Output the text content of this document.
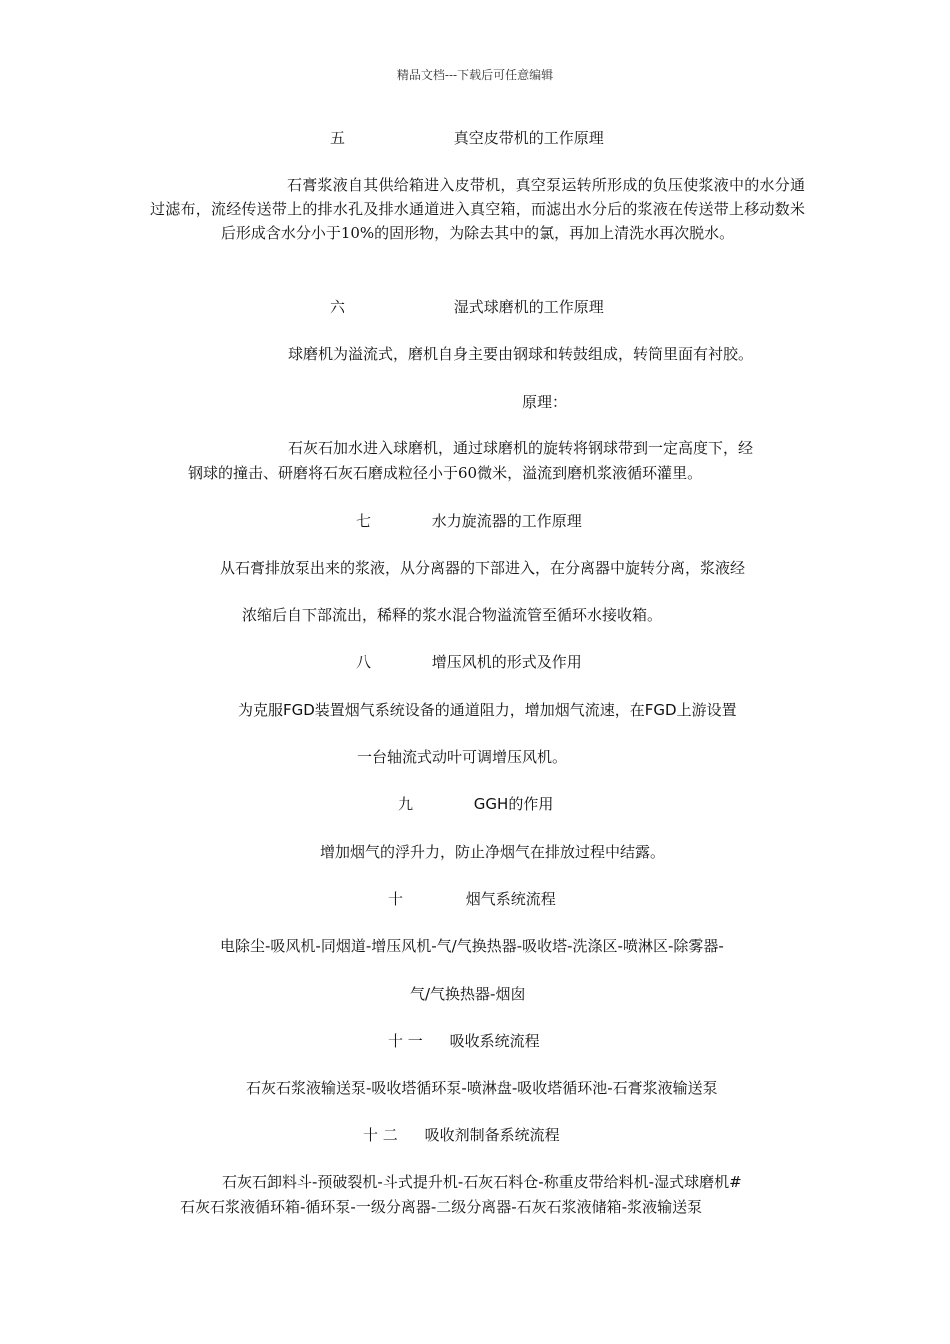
精品文档---下载后可任意编辑
五	真空皮带机的工作原理
石膏浆液自其供给箱进入皮带机，真空泵运转所形成的负压使浆液中的水分通过滤布，流经传送带上的排水孔及排水通道进入真空箱，而滤出水分后的浆液在传送带上移动数米后形成含水分小于10%的固形物，为除去其中的氯，再加上清洗水再次脱水。
六	湿式球磨机的工作原理
球磨机为溢流式，磨机自身主要由钢球和转鼓组成，转筒里面有衬胶。
原理：
石灰石加水进入球磨机，通过球磨机的旋转将钢球带到一定高度下，经
钢球的撞击、研磨将石灰石磨成粒径小于60微米，溢流到磨机浆液循环灌里。
七	水力旋流器的工作原理
从石膏排放泵出来的浆液，从分离器的下部进入，在分离器中旋转分离，浆液经
浓缩后自下部流出，稀释的浆水混合物溢流管至循环水接收箱。
八	增压风机的形式及作用
为克服FGD装置烟气系统设备的通道阻力，增加烟气流速，在FGD上游设置
一台轴流式动叶可调增压风机。
九	GGH的作用
增加烟气的浮升力，防止净烟气在排放过程中结露。
十	烟气系统流程
电除尘-吸风机-同烟道-增压风机-气/气换热器-吸收塔-洗涤区-喷淋区-除雾器-
气/气换热器-烟囱
十 一 吸收系统流程
石灰石浆液输送泵-吸收塔循环泵-喷淋盘-吸收塔循环池-石膏浆液输送泵
十 二 吸收剂制备系统流程
石灰石卸料斗-预破裂机-斗式提升机-石灰石料仓-称重皮带给料机-湿式球磨机#
石灰石浆液循环箱-循环泵-一级分离器-二级分离器-石灰石浆液储箱-浆液输送泵
